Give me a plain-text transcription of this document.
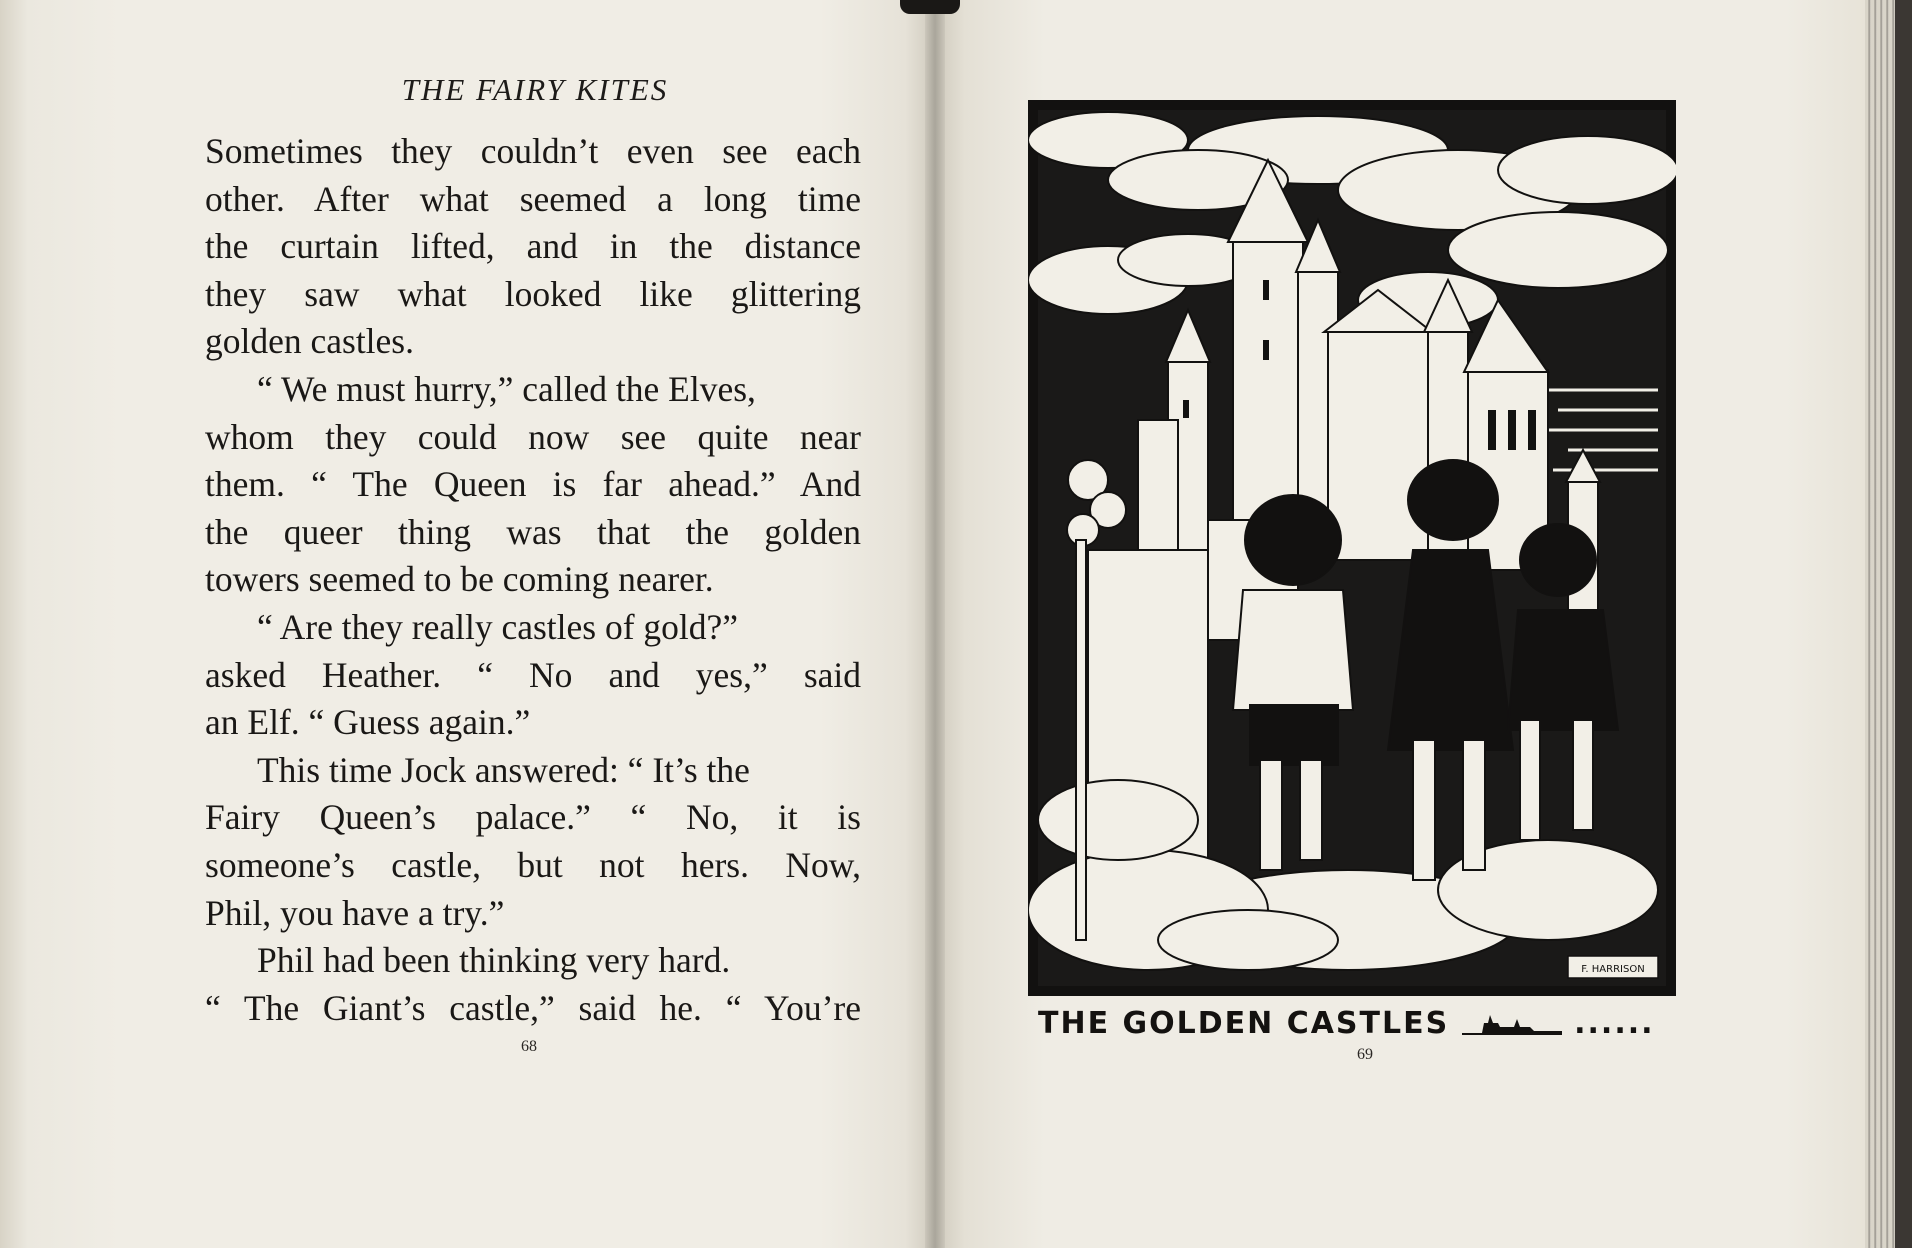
THE FAIRY KITES
Sometimes they couldn’t even see each
other. After what seemed a long time
the curtain lifted, and in the distance
they saw what looked like glittering
golden castles.
“ We must hurry,” called the Elves,
whom they could now see quite near
them. “ The Queen is far ahead.” And
the queer thing was that the golden
towers seemed to be coming nearer.
“ Are they really castles of gold?”
asked Heather. “ No and yes,” said
an Elf. “ Guess again.”
This time Jock answered: “ It’s the
Fairy Queen’s palace.” “ No, it is
someone’s castle, but not hers. Now,
Phil, you have a try.”
Phil had been thinking very hard.
“ The Giant’s castle,” said he. “ You’re
68
F. HARRISON
THE GOLDEN CASTLES	......
69
